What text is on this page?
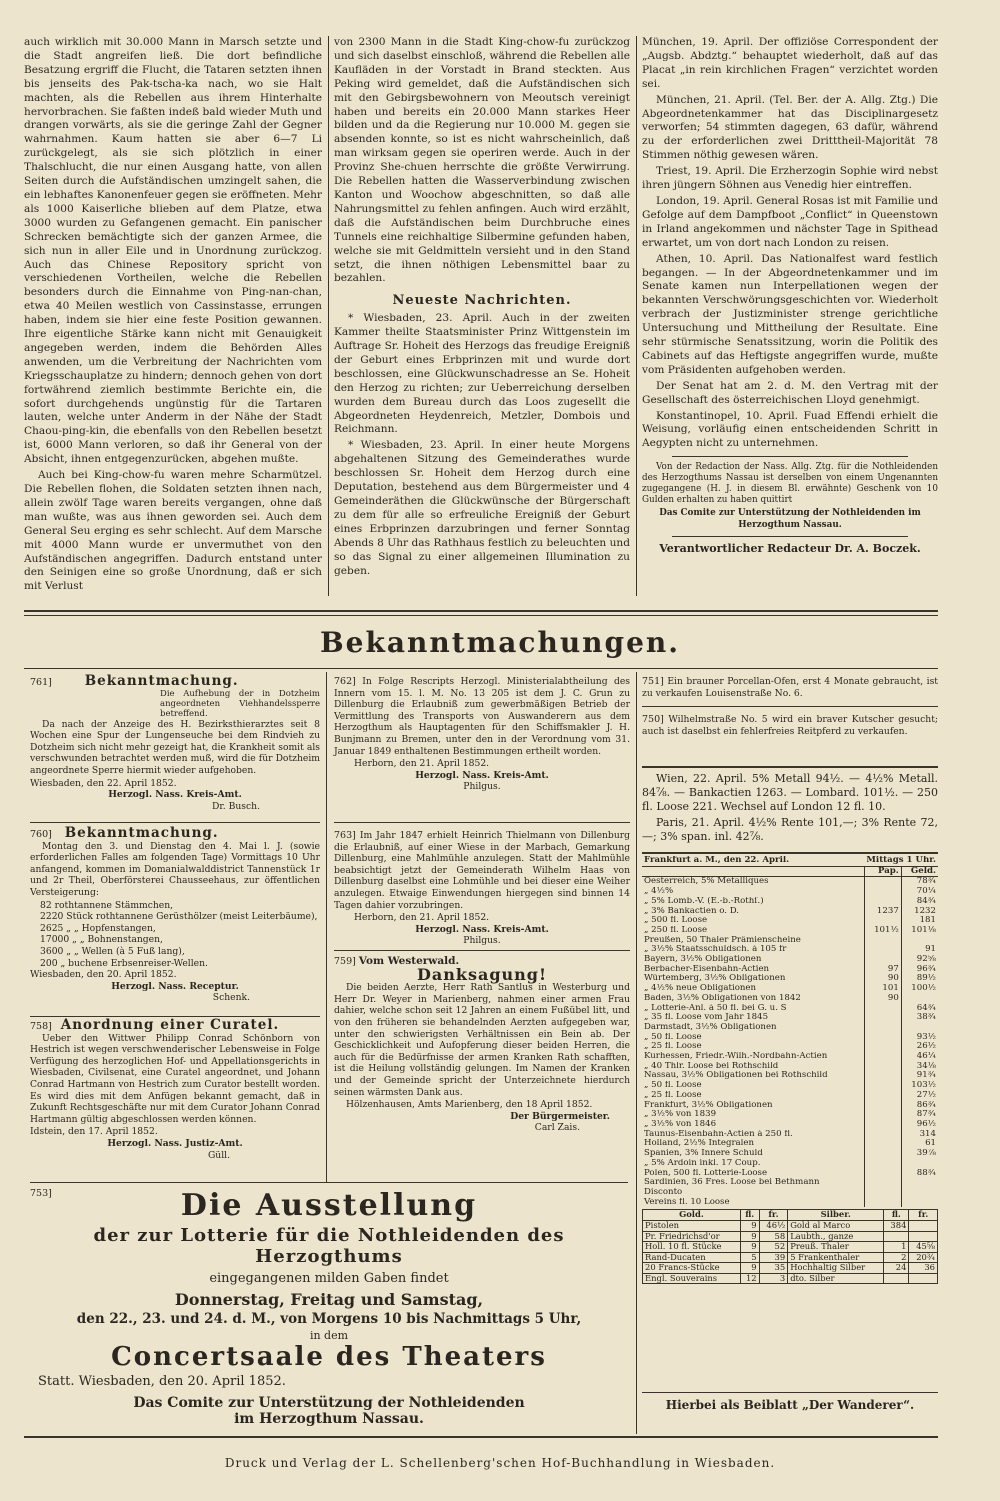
auch wirklich mit 30.000 Mann in Marsch setzte und die Stadt angreifen ließ. Die dort befindliche Besatzung ergriff die Flucht, die Tataren setzten ihnen bis jenseits des Pak-tscha-ka nach, wo sie Halt machten, als die Rebellen aus ihrem Hinterhalte hervorbrachen. Sie faßten indeß bald wieder Muth und drangen vorwärts, als sie die geringe Zahl der Gegner wahrnahmen. Kaum hatten sie aber 6—7 Li zurückgelegt, als sie sich plötzlich in einer Thalschlucht, die nur einen Ausgang hatte, von allen Seiten durch die Aufständischen umzingelt sahen, die ein lebhaftes Kanonenfeuer gegen sie eröffneten. Mehr als 1000 Kaiserliche blieben auf dem Platze, etwa 3000 wurden zu Gefangenen gemacht. Ein panischer Schrecken bemächtigte sich der ganzen Armee, die sich nun in aller Eile und in Unordnung zurückzog. Auch das Chinese Repository spricht von verschiedenen Vortheilen, welche die Rebellen besonders durch die Einnahme von Ping-nan-chan, etwa 40 Meilen westlich von Cassinstasse, errungen haben, indem sie hier eine feste Position gewannen. Ihre eigentliche Stärke kann nicht mit Genauigkeit angegeben werden, indem die Behörden Alles anwenden, um die Verbreitung der Nachrichten vom Kriegsschauplatze zu hindern; dennoch gehen von dort fortwährend ziemlich bestimmte Berichte ein, die sofort durchgehends ungünstig für die Tartaren lauten, welche unter Anderm in der Nähe der Stadt Chaou-ping-kin, die ebenfalls von den Rebellen besetzt ist, 6000 Mann verloren, so daß ihr General von der Absicht, ihnen entgegenzurücken, abgehen mußte.

Auch bei King-chow-fu waren mehre Scharmützel. Die Rebellen flohen, die Soldaten setzten ihnen nach, allein zwölf Tage waren bereits vergangen, ohne daß man wußte, was aus ihnen geworden sei. Auch dem General Seu erging es sehr schlecht. Auf dem Marsche mit 4000 Mann wurde er unvermuthet von den Aufständischen angegriffen. Dadurch entstand unter den Seinigen eine so große Unordnung, daß er sich mit Verlust

von 2300 Mann in die Stadt King-chow-fu zurückzog und sich daselbst einschloß, während die Rebellen alle Kaufläden in der Vorstadt in Brand steckten. Aus Peking wird gemeldet, daß die Aufständischen sich mit den Gebirgsbewohnern von Meoutsch vereinigt haben und bereits ein 20.000 Mann starkes Heer bilden und da die Regierung nur 10.000 M. gegen sie absenden konnte, so ist es nicht wahrscheinlich, daß man wirksam gegen sie operiren werde. Auch in der Provinz She-chuen herrschte die größte Verwirrung. Die Rebellen hatten die Wasserverbindung zwischen Kanton und Woochow abgeschnitten, so daß alle Nahrungsmittel zu fehlen anfingen. Auch wird erzählt, daß die Aufständischen beim Durchbruche eines Tunnels eine reichhaltige Silbermine gefunden haben, welche sie mit Geldmitteln versieht und in den Stand setzt, die ihnen nöthigen Lebensmittel baar zu bezahlen.

Neueste Nachrichten.

* Wiesbaden, 23. April. Auch in der zweiten Kammer theilte Staatsminister Prinz Wittgenstein im Auftrage Sr. Hoheit des Herzogs das freudige Ereigniß der Geburt eines Erbprinzen mit und wurde dort beschlossen, eine Glückwunschadresse an Se. Hoheit den Herzog zu richten; zur Ueberreichung derselben wurden dem Bureau durch das Loos zugesellt die Abgeordneten Heydenreich, Metzler, Dombois und Reichmann.

* Wiesbaden, 23. April. In einer heute Morgens abgehaltenen Sitzung des Gemeinderathes wurde beschlossen Sr. Hoheit dem Herzog durch eine Deputation, bestehend aus dem Bürgermeister und 4 Gemeinderäthen die Glückwünsche der Bürgerschaft zu dem für alle so erfreuliche Ereigniß der Geburt eines Erbprinzen darzubringen und ferner Sonntag Abends 8 Uhr das Rathhaus festlich zu beleuchten und so das Signal zu einer allgemeinen Illumination zu geben.

München, 19. April. Der offiziöse Correspondent der „Augsb. Abdztg.“ behauptet wiederholt, daß auf das Placat „in rein kirchlichen Fragen“ verzichtet worden sei.

München, 21. April. (Tel. Ber. der A. Allg. Ztg.) Die Abgeordnetenkammer hat das Disciplinargesetz verworfen; 54 stimmten dagegen, 63 dafür, während zu der erforderlichen zwei Dritttheil-Majorität 78 Stimmen nöthig gewesen wären.

Triest, 19. April. Die Erzherzogin Sophie wird nebst ihren jüngern Söhnen aus Venedig hier eintreffen.

London, 19. April. General Rosas ist mit Familie und Gefolge auf dem Dampfboot „Conflict“ in Queenstown in Irland angekommen und nächster Tage in Spithead erwartet, um von dort nach London zu reisen.

Athen, 10. April. Das Nationalfest ward festlich begangen. — In der Abgeordnetenkammer und im Senate kamen nun Interpellationen wegen der bekannten Verschwörungsgeschichten vor. Wiederholt verbrach der Justizminister strenge gerichtliche Untersuchung und Mittheilung der Resultate. Eine sehr stürmische Senatssitzung, worin die Politik des Cabinets auf das Heftigste angegriffen wurde, mußte vom Präsidenten aufgehoben werden.

Der Senat hat am 2. d. M. den Vertrag mit der Gesellschaft des österreichischen Lloyd genehmigt.

Konstantinopel, 10. April. Fuad Effendi erhielt die Weisung, vorläufig einen entscheidenden Schritt in Aegypten nicht zu unternehmen.

Von der Redaction der Nass. Allg. Ztg. für die Nothleidenden des Herzogthums Nassau ist derselben von einem Ungenannten zugegangene (H. J. in diesem Bl. erwähnte) Geschenk von 10 Gulden erhalten zu haben quittirt

Das Comite zur Unterstützung der Nothleidenden im Herzogthum Nassau.
Verantwortlicher Redacteur Dr. A. Boczek.
Bekanntmachungen.
761] Bekanntmachung.
Die Aufhebung der in Dotzheim angeordneten Viehhandelssperre betreffend.

Da nach der Anzeige des H. Bezirksthierarztes seit 8 Wochen eine Spur der Lungenseuche bei dem Rindvieh zu Dotzheim sich nicht mehr gezeigt hat, die Krankheit somit als verschwunden betrachtet werden muß, wird die für Dotzheim angeordnete Sperre hiermit wieder aufgehoben.

Wiesbaden, den 22. April 1852.
Herzogl. Nass. Kreis-Amt.
Dr. Busch.
760] Bekanntmachung.

Montag den 3. und Dienstag den 4. Mai l. J. (sowie erforderlichen Falles am folgenden Tage) Vormittags 10 Uhr anfangend, kommen im Domanialwalddistrict Tannenstück 1r und 2r Theil, Oberförsterei Chausseehaus, zur öffentlichen Versteigerung:

82 rothtannene Stämmchen,
2220 Stück rothtannene Gerüsthölzer (meist Leiterbäume),
2625 „ „ Hopfenstangen,
17000 „ „ Bohnenstangen,
3600 „ „ Wellen (à 5 Fuß lang),
200 „ buchene Erbsenreiser-Wellen.
Wiesbaden, den 20. April 1852.
Herzogl. Nass. Receptur.
Schenk.
758] Anordnung einer Curatel.

Ueber den Wittwer Philipp Conrad Schönborn von Hestrich ist wegen verschwenderischer Lebensweise in Folge Verfügung des herzoglichen Hof- und Appellationsgerichts in Wiesbaden, Civilsenat, eine Curatel angeordnet, und Johann Conrad Hartmann von Hestrich zum Curator bestellt worden. Es wird dies mit dem Anfügen bekannt gemacht, daß in Zukunft Rechtsgeschäfte nur mit dem Curator Johann Conrad Hartmann gültig abgeschlossen werden können.

Idstein, den 17. April 1852.
Herzogl. Nass. Justiz-Amt.
Güll.

762] In Folge Rescripts Herzogl. Ministerialabtheilung des Innern vom 15. l. M. No. 13 205 ist dem J. C. Grun zu Dillenburg die Erlaubniß zum gewerbmäßigen Betrieb der Vermittlung des Transports von Auswanderern aus dem Herzogthum als Hauptagenten für den Schiffsmakler J. H. Bunjmann zu Bremen, unter den in der Verordnung vom 31. Januar 1849 enthaltenen Bestimmungen ertheilt worden.

Herborn, den 21. April 1852.
Herzogl. Nass. Kreis-Amt.
Philgus.

763] Im Jahr 1847 erhielt Heinrich Thielmann von Dillenburg die Erlaubniß, auf einer Wiese in der Marbach, Gemarkung Dillenburg, eine Mahlmühle anzulegen. Statt der Mahlmühle beabsichtigt jetzt der Gemeinderath Wilhelm Haas von Dillenburg daselbst eine Lohmühle und bei dieser eine Weiher anzulegen. Etwaige Einwendungen hiergegen sind binnen 14 Tagen dahier vorzubringen.

Herborn, den 21. April 1852.
Herzogl. Nass. Kreis-Amt.
Philgus.
759] Vom Westerwald.
Danksagung!

Die beiden Aerzte, Herr Rath Santlus in Westerburg und Herr Dr. Weyer in Marienberg, nahmen einer armen Frau dahier, welche schon seit 12 Jahren an einem Fußübel litt, und von den früheren sie behandelnden Aerzten aufgegeben war, unter den schwierigsten Verhältnissen ein Bein ab. Der Geschicklichkeit und Aufopferung dieser beiden Herren, die auch für die Bedürfnisse der armen Kranken Rath schafften, ist die Heilung vollständig gelungen. Im Namen der Kranken und der Gemeinde spricht der Unterzeichnete hierdurch seinen wärmsten Dank aus.

Hölzenhausen, Amts Marienberg, den 18 April 1852.
Der Bürgermeister.
Carl Zais.

751] Ein brauner Porcellan-Ofen, erst 4 Monate gebraucht, ist zu verkaufen Louisenstraße No. 6.

750] Wilhelmstraße No. 5 wird ein braver Kutscher gesucht; auch ist daselbst ein fehlerfreies Reitpferd zu verkaufen.

Wien, 22. April. 5% Metall 94½. — 4½% Metall. 84⅞. — Bankactien 1263. — Lombard. 101½. — 250 fl. Loose 221. Wechsel auf London 12 fl. 10.

Paris, 21. April. 4½% Rente 101,—; 3% Rente 72,—; 3% span. inl. 42⅞.

Frankfurt a. M., den 22. April.	Mittags 1 Uhr.	
	Pap.	Geld.
Oesterreich, 5% Metalliques		78¾
„ 4½%		70¼
„ 5% Lomb.-V. (E.-b.-Rothſ.)		84¾
„ 3% Bankactien o. D.	1237	1232
„ 500 fl. Loose		181
„ 250 fl. Loose	101½	101⅛
Preußen, 50 Thaler Prämienscheine		
„ 3½% Staatsschuldsch. à 105 fr		91
Bayern, 3½% Obligationen		92⅝
Berbacher-Eisenbahn-Actien	97	96¾
Würtemberg, 3½% Obligationen	90	89½
„ 4½% neue Obligationen	101	100½
Baden, 3½% Obligationen von 1842	90	
„ Lotterie-Anl. à 50 fl. bei G. u. S		64¾
„ 35 fl. Loose vom Jahr 1845		38¾
Darmstadt, 3½% Obligationen		
„ 50 fl. Loose		93½
„ 25 fl. Loose		26½
Kurhessen, Friedr.-Wilh.-Nordbahn-Actien		46¼
„ 40 Thlr. Loose bei Rothschild		34⅛
Nassau, 3½% Obligationen bei Rothschild		91¾
„ 50 fl. Loose		103½
„ 25 fl. Loose		27½
Frankfurt, 3½% Obligationen		86¾
„ 3½% von 1839		87¾
„ 3½% von 1846		96½
Taunus-Eisenbahn-Actien à 250 fl.		314
Holland, 2½% Integralen		61
Spanien, 3% Innere Schuld		39⅞
„ 5% Ardoin inkl. 17 Coup.		
Polen, 500 fl. Lotterie-Loose		88¾
Sardinien, 36 Fres. Loose bei Bethmann		
Disconto		
Vereins fl. 10 Loose		
Gold.	fl.	fr.	Silber.	fl.	fr.
Pistolen	9	46½	Gold al Marco	384	
Pr. Friedrichsd'or	9	58	Laubth., ganze		
Holl. 10 fl. Stücke	9	52	Preuß. Thaler	1	45⅝
Rand-Ducaten	5	39	5 Frankenthaler	2	20¾
20 Francs-Stücke	9	35	Hochhaltig Silber	24	36
Engl. Souverains	12	3	dto. Silber		
Hierbei als Beiblatt „Der Wanderer“.
753]	Die Ausstellung
der zur Lotterie für die Nothleidenden des Herzogthums
eingegangenen milden Gaben findet
Donnerstag, Freitag und Samstag,
den 22., 23. und 24. d. M., von Morgens 10 bis Nachmittags 5 Uhr,
in dem
Concertsaale des Theaters
Statt. Wiesbaden, den 20. April 1852.
Das Comite zur Unterstützung der Nothleidenden
im Herzogthum Nassau.
Druck und Verlag der L. Schellenberg'schen Hof-Buchhandlung in Wiesbaden.
